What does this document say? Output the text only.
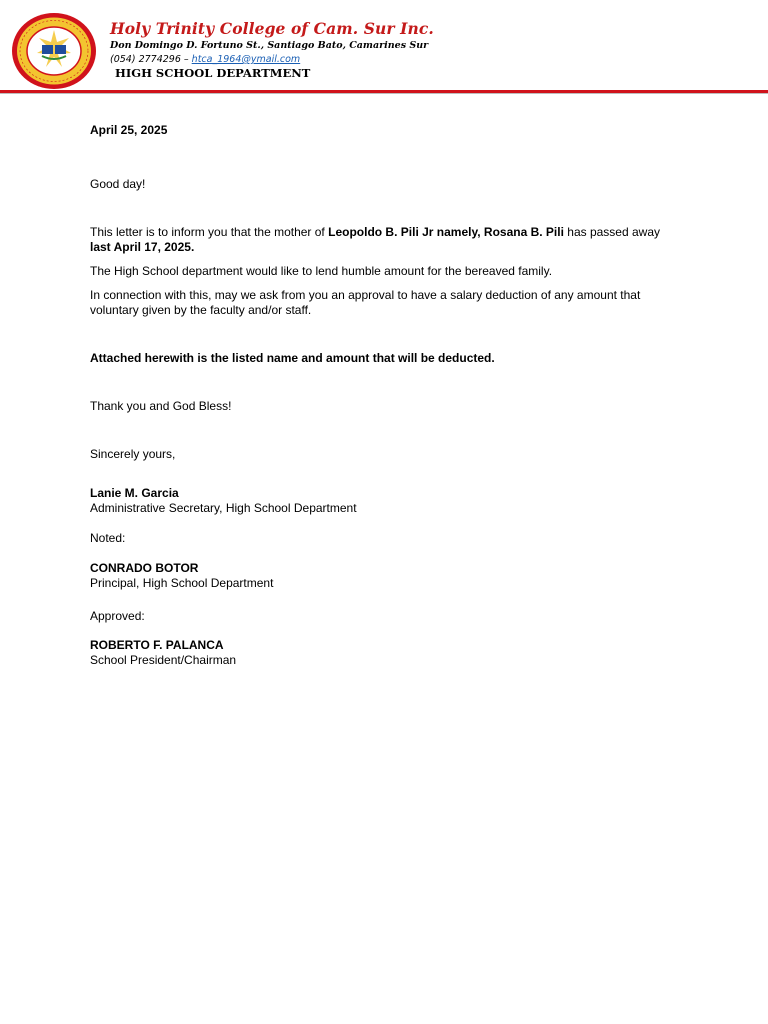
Holy Trinity College of Cam. Sur Inc.
Don Domingo D. Fortuno St., Santiago Bato, Camarines Sur
(054) 2774296 – htca_1964@ymail.com
HIGH SCHOOL DEPARTMENT
April 25, 2025
Good day!
This letter is to inform you that the mother of Leopoldo B. Pili Jr namely, Rosana B. Pili has passed away last April 17, 2025.
The High School department would like to lend humble amount for the bereaved family.
In connection with this, may we ask from you an approval to have a salary deduction of any amount that voluntary given by the faculty and/or staff.
Attached herewith is the listed name and amount that will be deducted.
Thank you and God Bless!
Sincerely yours,
Lanie M. Garcia
Administrative Secretary, High School Department
Noted:
CONRADO BOTOR
Principal, High School Department
Approved:
ROBERTO F. PALANCA
School President/Chairman
